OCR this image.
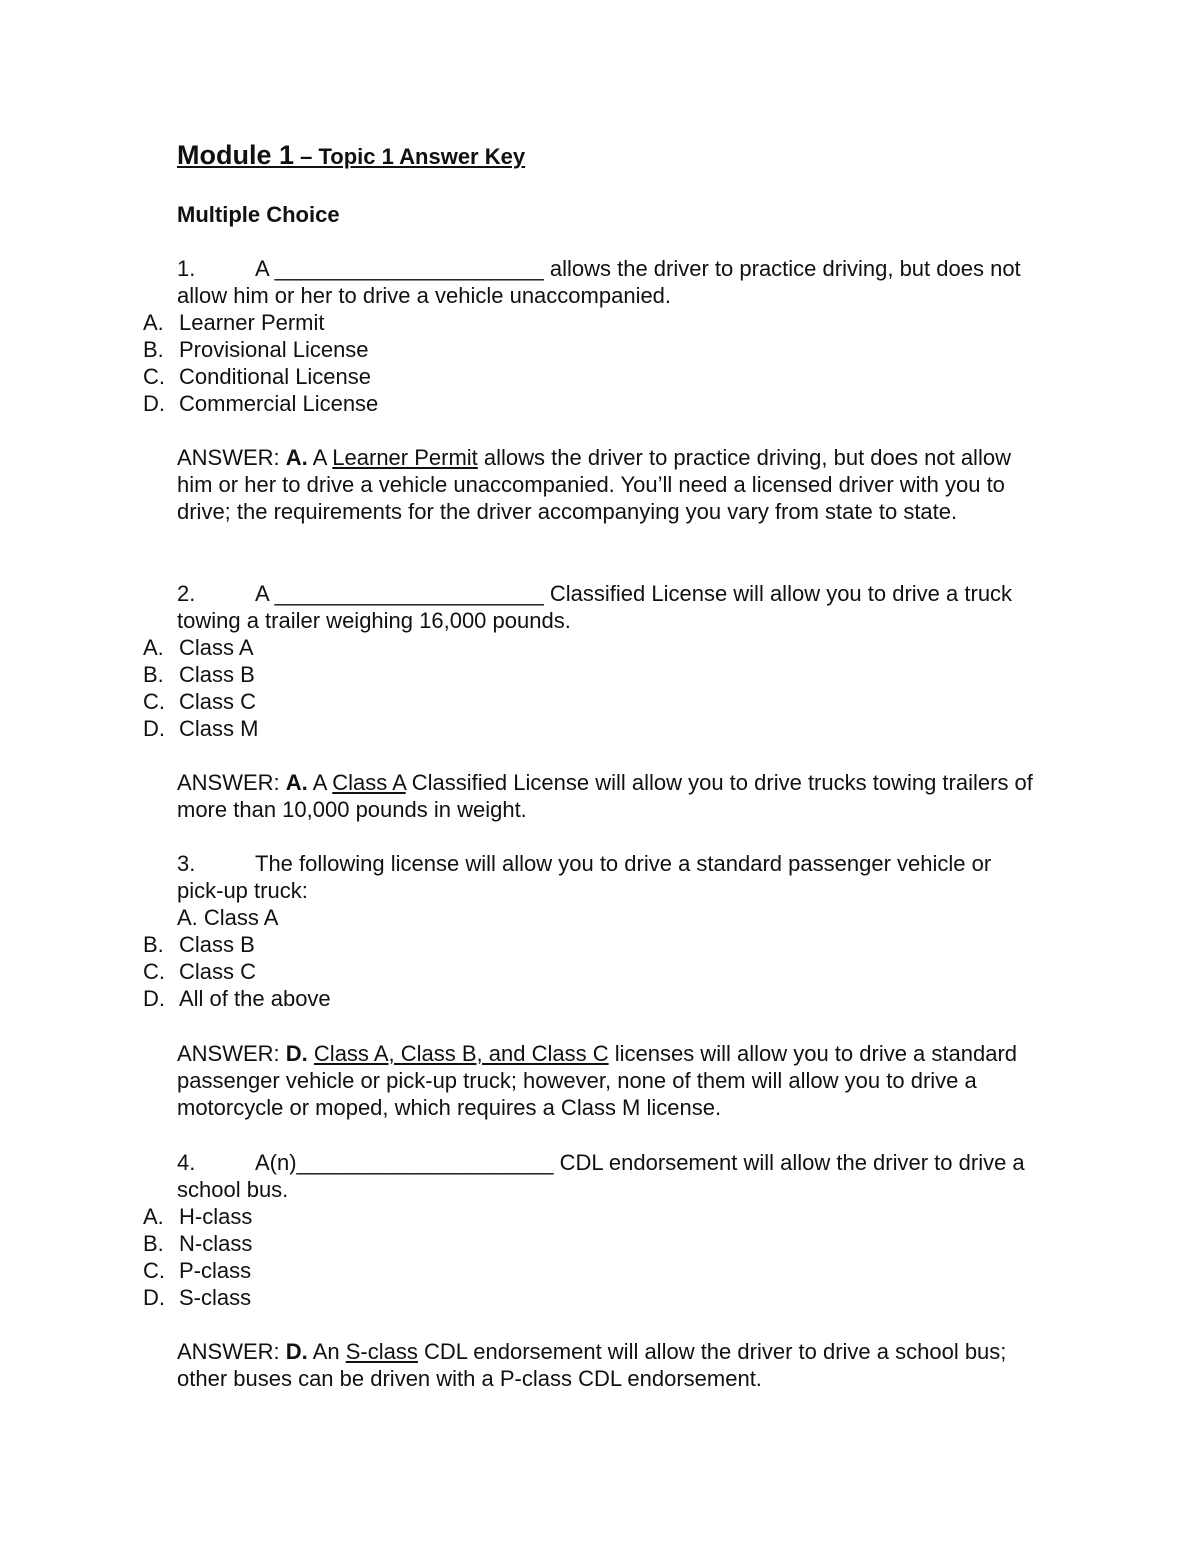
Module 1 – Topic 1 Answer Key
Multiple Choice
1.	A ______________________ allows the driver to practice driving, but does not allow him or her to drive a vehicle unaccompanied.
A. Learner Permit
B. Provisional License
C. Conditional License
D. Commercial License
ANSWER: A. A Learner Permit allows the driver to practice driving, but does not allow him or her to drive a vehicle unaccompanied. You’ll need a licensed driver with you to drive; the requirements for the driver accompanying you vary from state to state.
2.	A ______________________ Classified License will allow you to drive a truck towing a trailer weighing 16,000 pounds.
A. Class A
B. Class B
C. Class C
D. Class M
ANSWER: A. A Class A Classified License will allow you to drive trucks towing trailers of more than 10,000 pounds in weight.
3.	The following license will allow you to drive a standard passenger vehicle or pick-up truck:
A. Class A
B. Class B
C. Class C
D. All of the above
ANSWER: D. Class A, Class B, and Class C licenses will allow you to drive a standard passenger vehicle or pick-up truck; however, none of them will allow you to drive a motorcycle or moped, which requires a Class M license.
4.	A(n)_____________________ CDL endorsement will allow the driver to drive a school bus.
A. H-class
B. N-class
C. P-class
D. S-class
ANSWER: D. An S-class CDL endorsement will allow the driver to drive a school bus; other buses can be driven with a P-class CDL endorsement.
